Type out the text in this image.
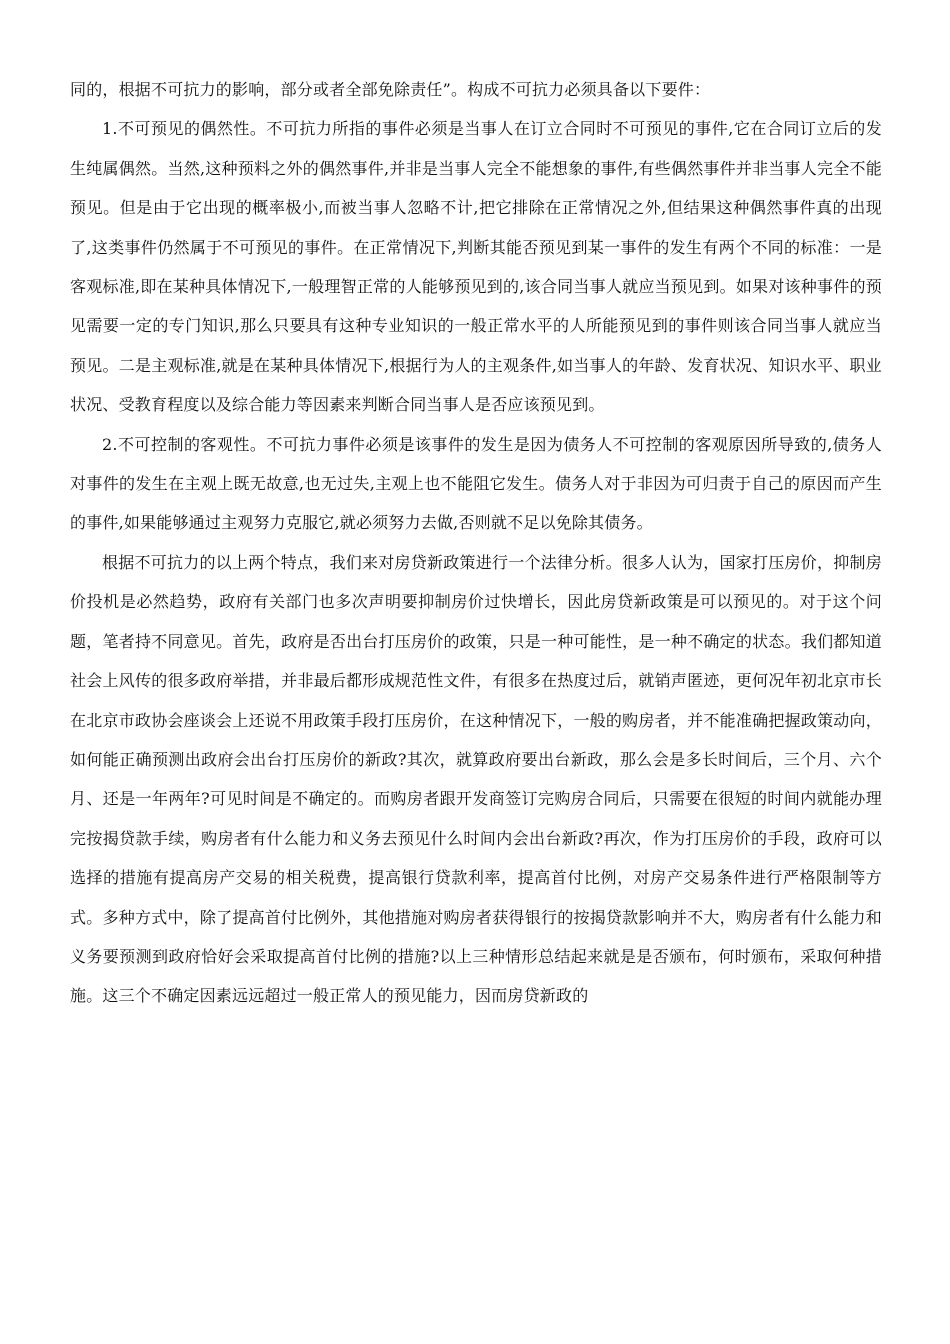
同的，根据不可抗力的影响，部分或者全部免除责任”。构成不可抗力必须具备以下要件：

1.不可预见的偶然性。不可抗力所指的事件必须是当事人在订立合同时不可预见的事件,它在合同订立后的发生纯属偶然。当然,这种预料之外的偶然事件,并非是当事人完全不能想象的事件,有些偶然事件并非当事人完全不能预见。但是由于它出现的概率极小,而被当事人忽略不计,把它排除在正常情况之外,但结果这种偶然事件真的出现了,这类事件仍然属于不可预见的事件。在正常情况下,判断其能否预见到某一事件的发生有两个不同的标准：一是客观标准,即在某种具体情况下,一般理智正常的人能够预见到的,该合同当事人就应当预见到。如果对该种事件的预见需要一定的专门知识,那么只要具有这种专业知识的一般正常水平的人所能预见到的事件则该合同当事人就应当预见。二是主观标准,就是在某种具体情况下,根据行为人的主观条件,如当事人的年龄、发育状况、知识水平、职业状况、受教育程度以及综合能力等因素来判断合同当事人是否应该预见到。

2.不可控制的客观性。不可抗力事件必须是该事件的发生是因为债务人不可控制的客观原因所导致的,债务人对事件的发生在主观上既无故意,也无过失,主观上也不能阻它发生。债务人对于非因为可归责于自己的原因而产生的事件,如果能够通过主观努力克服它,就必须努力去做,否则就不足以免除其债务。

根据不可抗力的以上两个特点，我们来对房贷新政策进行一个法律分析。很多人认为，国家打压房价，抑制房价投机是必然趋势，政府有关部门也多次声明要抑制房价过快增长，因此房贷新政策是可以预见的。对于这个问题，笔者持不同意见。首先，政府是否出台打压房价的政策，只是一种可能性，是一种不确定的状态。我们都知道社会上风传的很多政府举措，并非最后都形成规范性文件，有很多在热度过后，就销声匿迹，更何况年初北京市长在北京市政协会座谈会上还说不用政策手段打压房价，在这种情况下，一般的购房者，并不能准确把握政策动向，如何能正确预测出政府会出台打压房价的新政?其次，就算政府要出台新政，那么会是多长时间后，三个月、六个月、还是一年两年?可见时间是不确定的。而购房者跟开发商签订完购房合同后，只需要在很短的时间内就能办理完按揭贷款手续，购房者有什么能力和义务去预见什么时间内会出台新政?再次，作为打压房价的手段，政府可以选择的措施有提高房产交易的相关税费，提高银行贷款利率，提高首付比例，对房产交易条件进行严格限制等方式。多种方式中，除了提高首付比例外，其他措施对购房者获得银行的按揭贷款影响并不大，购房者有什么能力和义务要预测到政府恰好会采取提高首付比例的措施?以上三种情形总结起来就是是否颁布，何时颁布，采取何种措施。这三个不确定因素远远超过一般正常人的预见能力，因而房贷新政的
